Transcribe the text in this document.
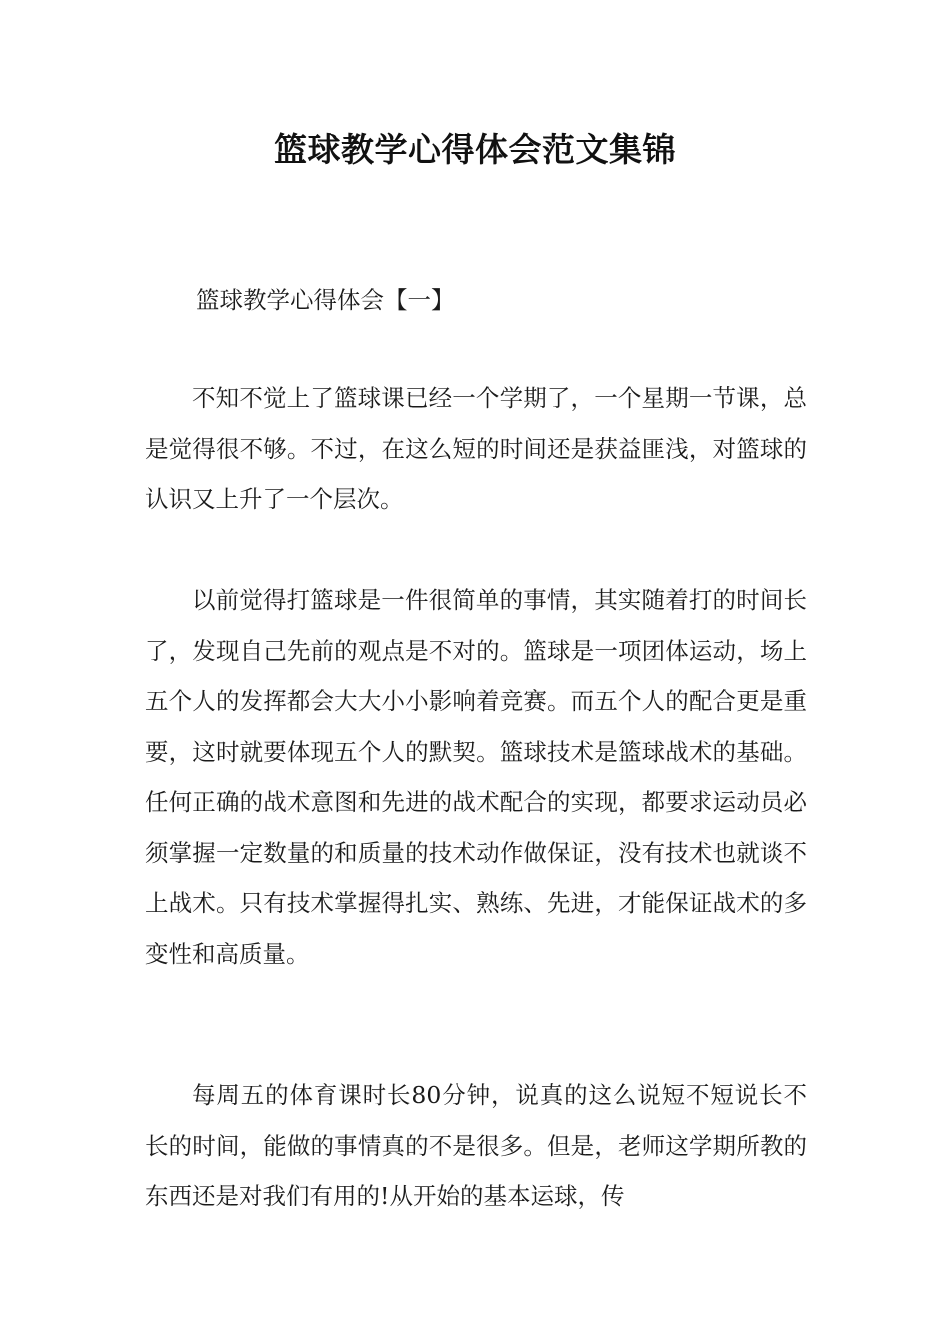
篮球教学心得体会范文集锦
篮球教学心得体会【一】

不知不觉上了篮球课已经一个学期了，一个星期一节课，总是觉得很不够。不过，在这么短的时间还是获益匪浅，对篮球的认识又上升了一个层次。

以前觉得打篮球是一件很简单的事情，其实随着打的时间长了，发现自己先前的观点是不对的。篮球是一项团体运动，场上五个人的发挥都会大大小小影响着竞赛。而五个人的配合更是重要，这时就要体现五个人的默契。篮球技术是篮球战术的基础。任何正确的战术意图和先进的战术配合的实现，都要求运动员必须掌握一定数量的和质量的技术动作做保证，没有技术也就谈不上战术。只有技术掌握得扎实、熟练、先进，才能保证战术的多变性和高质量。

每周五的体育课时长80分钟，说真的这么说短不短说长不长的时间，能做的事情真的不是很多。但是，老师这学期所教的东西还是对我们有用的!从开始的基本运球，传
